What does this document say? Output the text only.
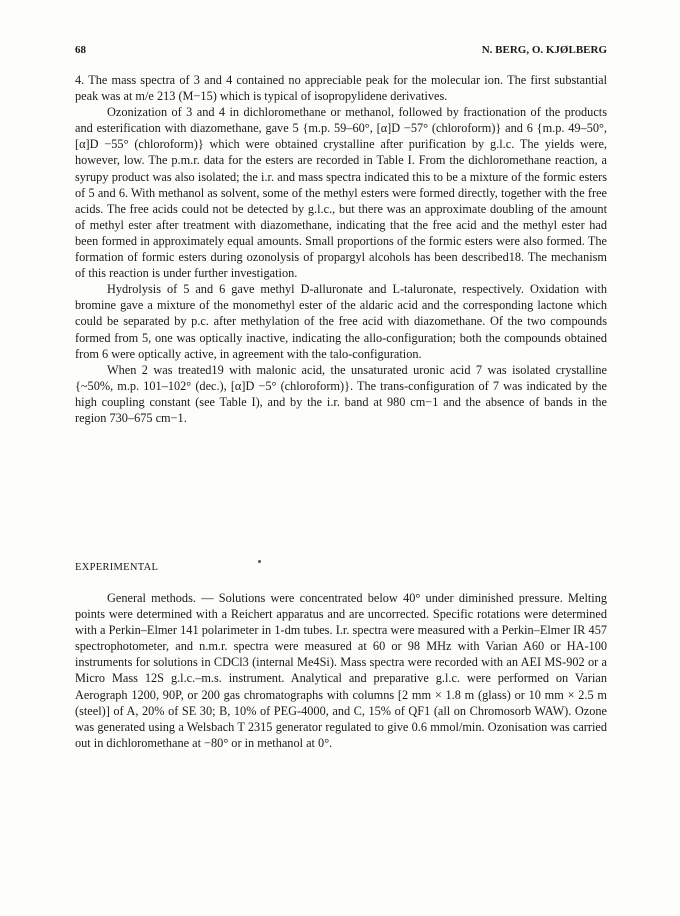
68	N. BERG, O. KJØLBERG

4. The mass spectra of 3 and 4 contained no appreciable peak for the molecular ion. The first substantial peak was at m/e 213 (M−15) which is typical of isopropylidene derivatives.

Ozonization of 3 and 4 in dichloromethane or methanol, followed by fractionation of the products and esterification with diazomethane, gave 5 {m.p. 59–60°, [α]D −57° (chloroform)} and 6 {m.p. 49–50°, [α]D −55° (chloroform)} which were obtained crystalline after purification by g.l.c. The yields were, however, low. The p.m.r. data for the esters are recorded in Table I. From the dichloromethane reaction, a syrupy product was also isolated; the i.r. and mass spectra indicated this to be a mixture of the formic esters of 5 and 6. With methanol as solvent, some of the methyl esters were formed directly, together with the free acids. The free acids could not be detected by g.l.c., but there was an approximate doubling of the amount of methyl ester after treatment with diazomethane, indicating that the free acid and the methyl ester had been formed in approximately equal amounts. Small proportions of the formic esters were also formed. The formation of formic esters during ozonolysis of propargyl alcohols has been described18. The mechanism of this reaction is under further investigation.

Hydrolysis of 5 and 6 gave methyl D-alluronate and L-taluronate, respectively. Oxidation with bromine gave a mixture of the monomethyl ester of the aldaric acid and the corresponding lactone which could be separated by p.c. after methylation of the free acid with diazomethane. Of the two compounds formed from 5, one was optically inactive, indicating the allo-configuration; both the compounds obtained from 6 were optically active, in agreement with the talo-configuration.

When 2 was treated19 with malonic acid, the unsaturated uronic acid 7 was isolated crystalline {~50%, m.p. 101–102° (dec.), [α]D −5° (chloroform)}. The trans-configuration of 7 was indicated by the high coupling constant (see Table I), and by the i.r. band at 980 cm−1 and the absence of bands in the region 730–675 cm−1.

EXPERIMENTAL

General methods. — Solutions were concentrated below 40° under diminished pressure. Melting points were determined with a Reichert apparatus and are uncorrected. Specific rotations were determined with a Perkin–Elmer 141 polarimeter in 1-dm tubes. I.r. spectra were measured with a Perkin–Elmer IR 457 spectrophotometer, and n.m.r. spectra were measured at 60 or 98 MHz with Varian A60 or HA-100 instruments for solutions in CDCl3 (internal Me4Si). Mass spectra were recorded with an AEI MS-902 or a Micro Mass 12S g.l.c.–m.s. instrument. Analytical and preparative g.l.c. were performed on Varian Aerograph 1200, 90P, or 200 gas chromatographs with columns [2 mm × 1.8 m (glass) or 10 mm × 2.5 m (steel)] of A, 20% of SE 30; B, 10% of PEG-4000, and C, 15% of QF1 (all on Chromosorb WAW). Ozone was generated using a Welsbach T 2315 generator regulated to give 0.6 mmol/min. Ozonisation was carried out in dichloromethane at −80° or in methanol at 0°.
